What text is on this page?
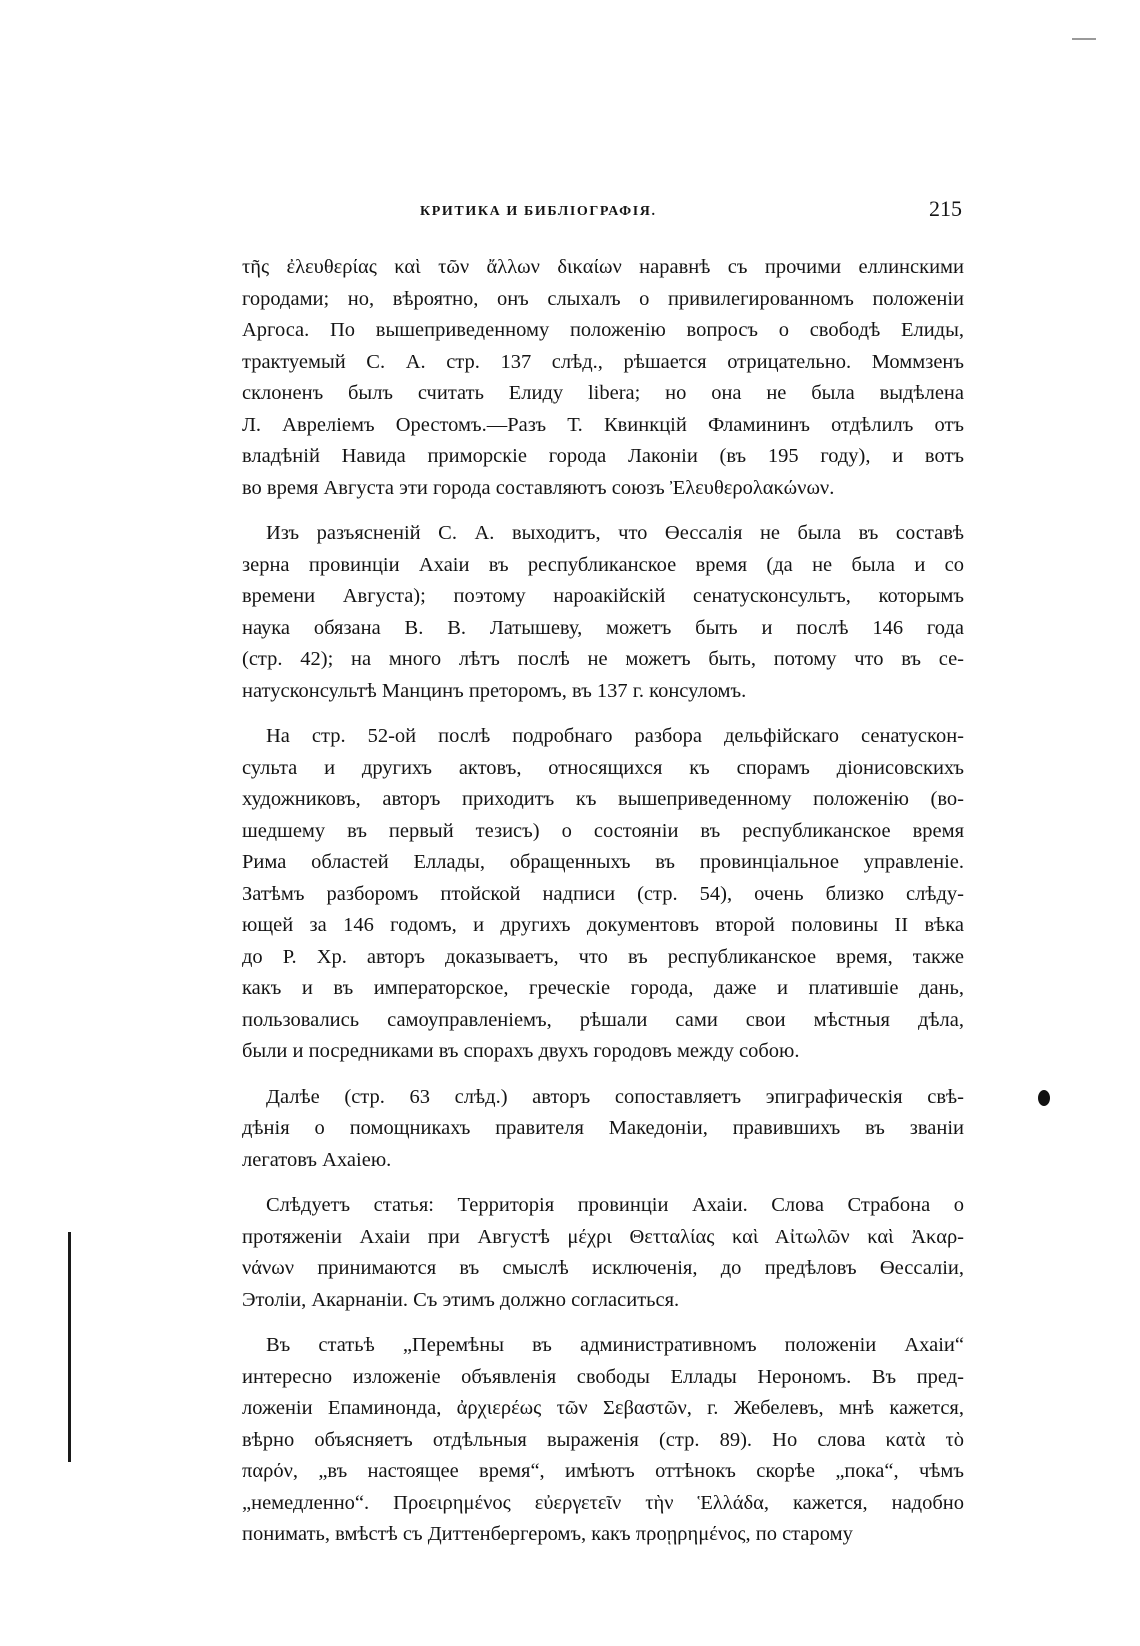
КРИТИКА И БИБЛІОГРАФІЯ.	215

τῆς ἐλευθερίας καὶ τῶν ἄλλων δικαίων наравнѣ съ прочими еллинскими
городами; но, вѣроятно, онъ слыхалъ о привилегированномъ положеніи
Аргоса. По вышеприведенному положенію вопросъ о свободѣ Елиды,
трактуемый С. А. стр. 137 слѣд., рѣшается отрицательно. Моммзенъ
склоненъ былъ считать Елиду libera; но она не была выдѣлена
Л. Авреліемъ Орестомъ.—Разъ Т. Квинкцій Фламининъ отдѣлилъ отъ
владѣній Навида приморскіе города Лаконіи (въ 195 году), и вотъ
во время Августа эти города составляютъ союзъ Ἐλευθερολακώνων.

Изъ разъясненій С. А. выходитъ, что Өессалія не была въ составѣ
зерна провинціи Ахаіи въ республиканское время (да не была и со
времени Августа); поэтому нароакійскій сенатусконсультъ, которымъ
наука обязана В. В. Латышеву, можетъ быть и послѣ 146 года
(стр. 42); на много лѣтъ послѣ не можетъ быть, потому что въ се-
натусконсультѣ Манцинъ преторомъ, въ 137 г. консуломъ.

На стр. 52-ой послѣ подробнаго разбора дельфійскаго сенатускон-
сульта и другихъ актовъ, относящихся къ спорамъ діонисовскихъ
художниковъ, авторъ приходитъ къ вышеприведенному положенію (во-
шедшему въ первый тезисъ) о состояніи въ республиканское время
Рима областей Еллады, обращенныхъ въ провинціальное управленіе.
Затѣмъ разборомъ птойской надписи (стр. 54), очень близко слѣду-
ющей за 146 годомъ, и другихъ документовъ второй половины II вѣка
до Р. Хр. авторъ доказываетъ, что въ республиканское время, также
какъ и въ императорское, греческіе города, даже и платившіе дань,
пользовались самоуправленіемъ, рѣшали сами свои мѣстныя дѣла,
были и посредниками въ спорахъ двухъ городовъ между собою.

Далѣе (стр. 63 слѣд.) авторъ сопоставляетъ эпиграфическія свѣ-
дѣнія о помощникахъ правителя Македоніи, правившихъ въ званіи
легатовъ Ахаіею.

Слѣдуетъ статья: Территорія провинціи Ахаіи. Слова Страбона о
протяженіи Ахаіи при Августѣ μέχρι Θετταλίας καὶ Αἰτωλῶν καὶ Ἀκαρ-
νάνων принимаются въ смыслѣ исключенія, до предѣловъ Өессаліи,
Этоліи, Акарнаніи. Съ этимъ должно согласиться.

Въ статьѣ „Перемѣны въ административномъ положеніи Ахаіи“
интересно изложеніе объявленія свободы Еллады Нерономъ. Въ пред-
ложеніи Епаминонда, ἀρχιερέως τῶν Σεβαστῶν, г. Жебелевъ, мнѣ кажется,
вѣрно объясняетъ отдѣльныя выраженія (стр. 89). Но слова κατὰ τὸ
παρόν, „въ настоящее время“, имѣютъ оттѣнокъ скорѣе „пока“, чѣмъ
„немедленно“. Προειρημένος εὐεργετεῖν τὴν Ἑλλάδα, кажется, надобно
понимать, вмѣстѣ съ Диттенбергеромъ, какъ προῃρημένος, по старому
